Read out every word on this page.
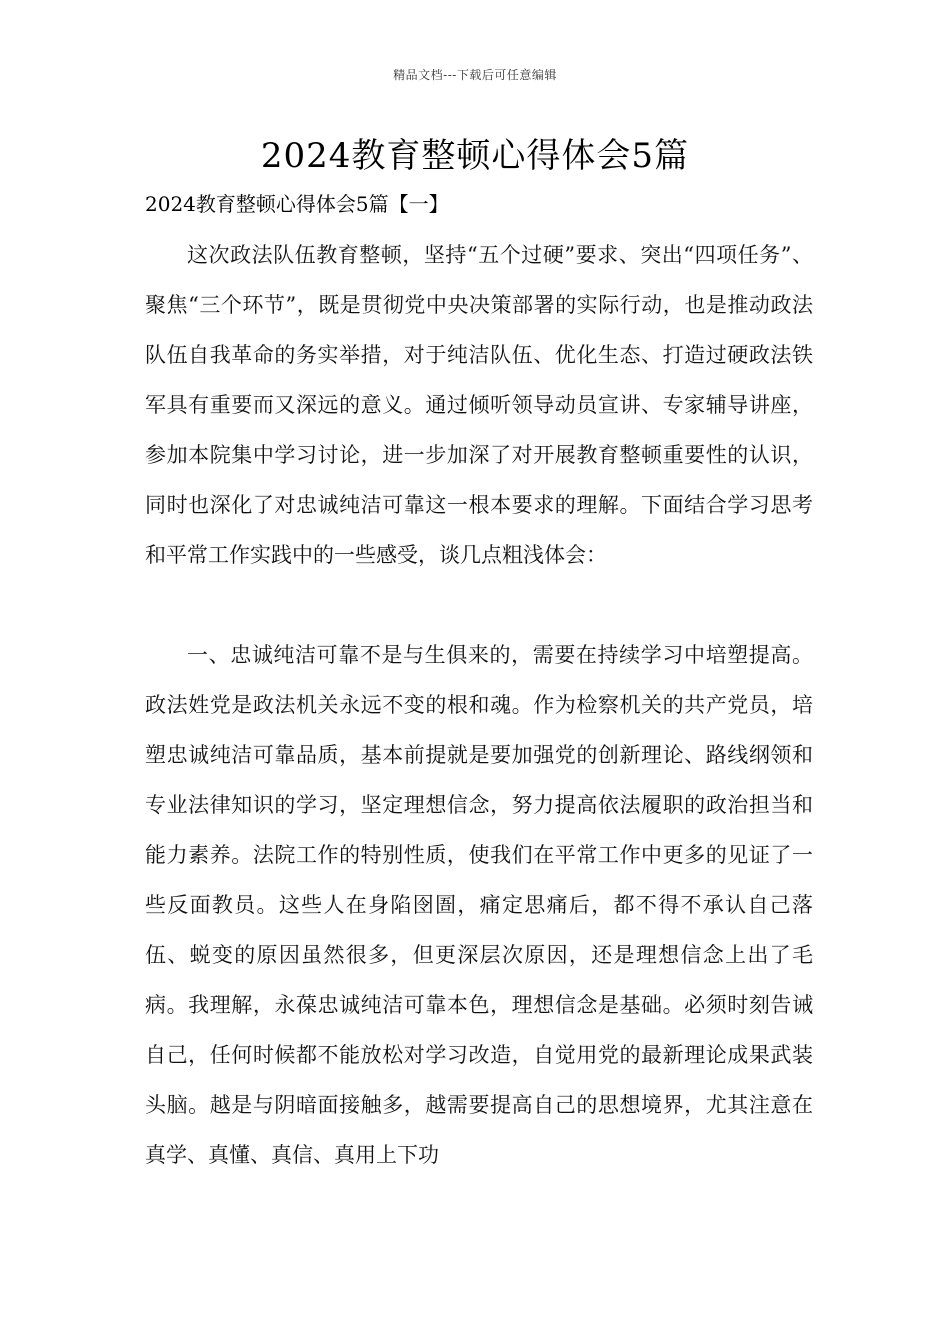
精品文档---下载后可任意编辑
2024教育整顿心得体会5篇
2024教育整顿心得体会5篇【一】

这次政法队伍教育整顿，坚持“五个过硬”要求、突出“四项任务”、聚焦“三个环节”，既是贯彻党中央决策部署的实际行动，也是推动政法队伍自我革命的务实举措，对于纯洁队伍、优化生态、打造过硬政法铁军具有重要而又深远的意义。通过倾听领导动员宣讲、专家辅导讲座，参加本院集中学习讨论，进一步加深了对开展教育整顿重要性的认识，同时也深化了对忠诚纯洁可靠这一根本要求的理解。下面结合学习思考和平常工作实践中的一些感受，谈几点粗浅体会：

一、忠诚纯洁可靠不是与生俱来的，需要在持续学习中培塑提高。政法姓党是政法机关永远不变的根和魂。作为检察机关的共产党员，培塑忠诚纯洁可靠品质，基本前提就是要加强党的创新理论、路线纲领和专业法律知识的学习，坚定理想信念，努力提高依法履职的政治担当和能力素养。法院工作的特别性质，使我们在平常工作中更多的见证了一些反面教员。这些人在身陷囹圄，痛定思痛后，都不得不承认自己落伍、蜕变的原因虽然很多，但更深层次原因，还是理想信念上出了毛病。我理解，永葆忠诚纯洁可靠本色，理想信念是基础。必须时刻告诫自己，任何时候都不能放松对学习改造，自觉用党的最新理论成果武装头脑。越是与阴暗面接触多，越需要提高自己的思想境界，尤其注意在真学、真懂、真信、真用上下功
